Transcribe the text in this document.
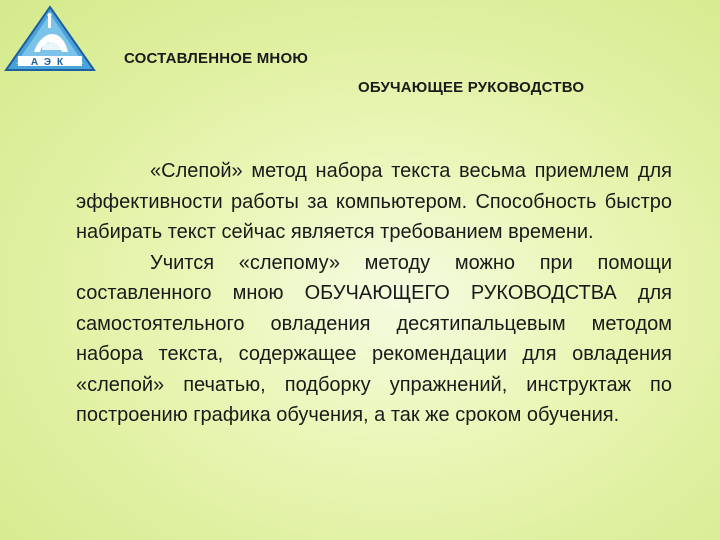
АЭК	СОСТАВЛЕННОЕ МНОЮ
ОБУЧАЮЩЕЕ РУКОВОДСТВО

«Слепой» метод набора текста весьма приемлем для эффективности работы за компьютером. Способность быстро набирать текст сейчас является требованием времени.

Учится «слепому» методу можно при помощи составленного мною ОБУЧАЮЩЕГО РУКОВОДСТВА для самостоятельного овладения десятипальцевым методом набора текста, содержащее рекомендации для овладения «слепой» печатью, подборку упражнений, инструктаж по построению графика обучения, а так же сроком обучения.
